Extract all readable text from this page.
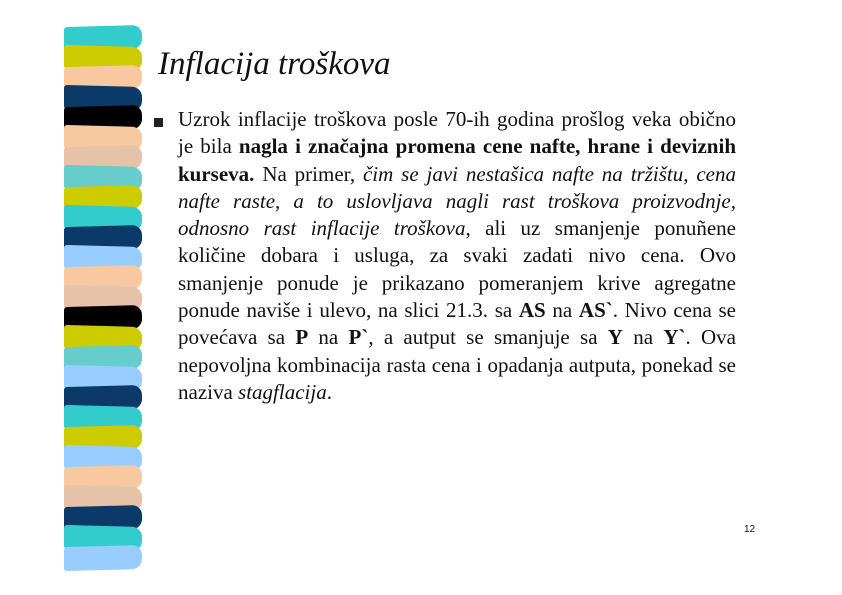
Inflacija troškova

Uzrok inflacije troškova posle 70-ih godina prošlog veka obično je bila nagla i značajna promena cene nafte, hrane i deviznih kurseva. Na primer, čim se javi nestašica nafte na tržištu, cena nafte raste, a to uslovljava nagli rast troškova proizvodnje, odnosno rast inflacije troškova, ali uz smanjenje ponuñene količine dobara i usluga, za svaki zadati nivo cena. Ovo smanjenje ponude je prikazano pomeranjem krive agregatne ponude naviše i ulevo, na slici 21.3. sa AS na AS`. Nivo cena se povećava sa P na P`, a autput se smanjuje sa Y na Y`. Ova nepovoljna kombinacija rasta cena i opadanja autputa, ponekad se naziva stagflacija.

12
